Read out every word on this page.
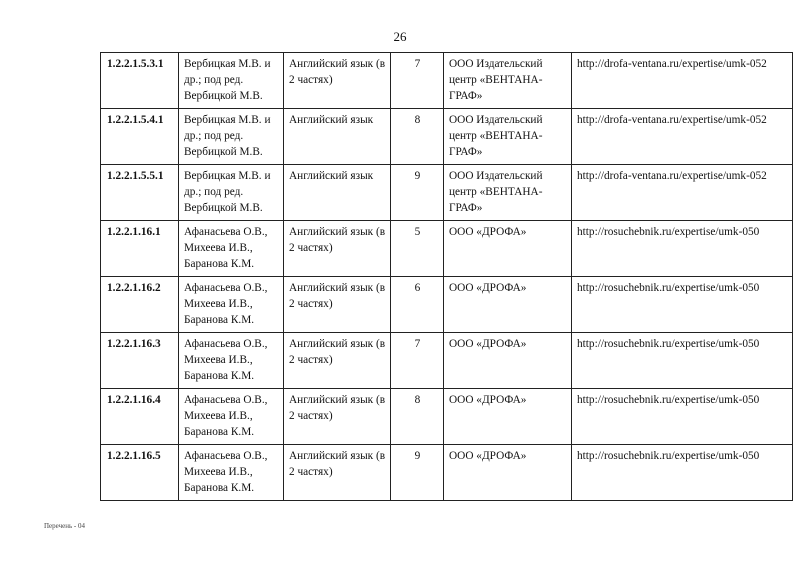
26
1.2.2.1.5.3.1	Вербицкая М.В. и др.; под ред. Вербицкой М.В.	Английский язык (в 2 частях)	7	ООО Издательский центр «ВЕНТАНА-ГРАФ»	http://drofa-ventana.ru/expertise/umk-052
1.2.2.1.5.4.1	Вербицкая М.В. и др.; под ред. Вербицкой М.В.	Английский язык	8	ООО Издательский центр «ВЕНТАНА-ГРАФ»	http://drofa-ventana.ru/expertise/umk-052
1.2.2.1.5.5.1	Вербицкая М.В. и др.; под ред. Вербицкой М.В.	Английский язык	9	ООО Издательский центр «ВЕНТАНА-ГРАФ»	http://drofa-ventana.ru/expertise/umk-052
1.2.2.1.16.1	Афанасьева О.В., Михеева И.В., Баранова К.М.	Английский язык (в 2 частях)	5	ООО «ДРОФА»	http://rosuchebnik.ru/expertise/umk-050
1.2.2.1.16.2	Афанасьева О.В., Михеева И.В., Баранова К.М.	Английский язык (в 2 частях)	6	ООО «ДРОФА»	http://rosuchebnik.ru/expertise/umk-050
1.2.2.1.16.3	Афанасьева О.В., Михеева И.В., Баранова К.М.	Английский язык (в 2 частях)	7	ООО «ДРОФА»	http://rosuchebnik.ru/expertise/umk-050
1.2.2.1.16.4	Афанасьева О.В., Михеева И.В., Баранова К.М.	Английский язык (в 2 частях)	8	ООО «ДРОФА»	http://rosuchebnik.ru/expertise/umk-050
1.2.2.1.16.5	Афанасьева О.В., Михеева И.В., Баранова К.М.	Английский язык (в 2 частях)	9	ООО «ДРОФА»	http://rosuchebnik.ru/expertise/umk-050
Перечень - 04
